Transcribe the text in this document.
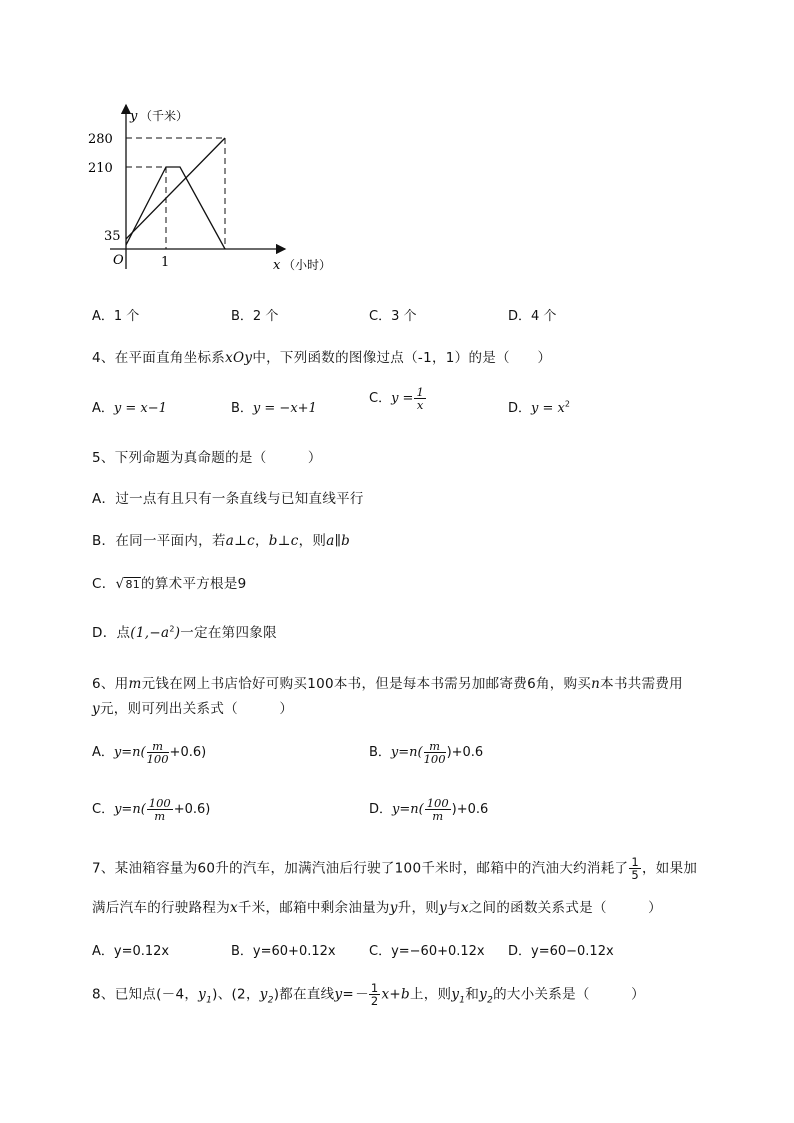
y （千米）
x （小时）
O
280
210
35
1
A．1 个	B．2 个	C．3 个	D．4 个
4、在平面直角坐标系xOy中，下列函数的图像过点（-1，1）的是（　　）
A．y = x−1	B．y = −x+1
C．$y = \frac{1}{x}$	D．$y = x^2$
5、下列命题为真命题的是（　　　）
A．过一点有且只有一条直线与已知直线平行
B．在同一平面内，若a⊥c，b⊥c，则a∥b
C．√81的算术平方根是9
D．点$(1,-a^2)$一定在第四象限
6、用m元钱在网上书店恰好可购买100本书，但是每本书需另加邮寄费6角，购买n本书共需费用
y元，则可列出关系式（　　　）
A．$y=n( \frac{m}{100} +0.6)$	B．$y=n( \frac{m}{100} )+0.6$
C．$y=n( \frac{100}{m} +0.6)$	D．$y=n( \frac{100}{m} )+0.6$
7、某油箱容量为60升的汽车，加满汽油后行驶了100千米时，邮箱中的汽油大约消耗了 $\frac{1}{5}$ ，如果加
满后汽车的行驶路程为x千米，邮箱中剩余油量为y升，则y与x之间的函数关系式是（　　　）
A．y=0.12x	B．y=60+0.12x	C．y=−60+0.12x D．y=60−0.12x
8、已知点(－4，$y_1$)、(2，$y_2$)都在直线$y=- \frac{1}{2} x+b$上，则$y_1$和$y_2$的大小关系是（　　　）
